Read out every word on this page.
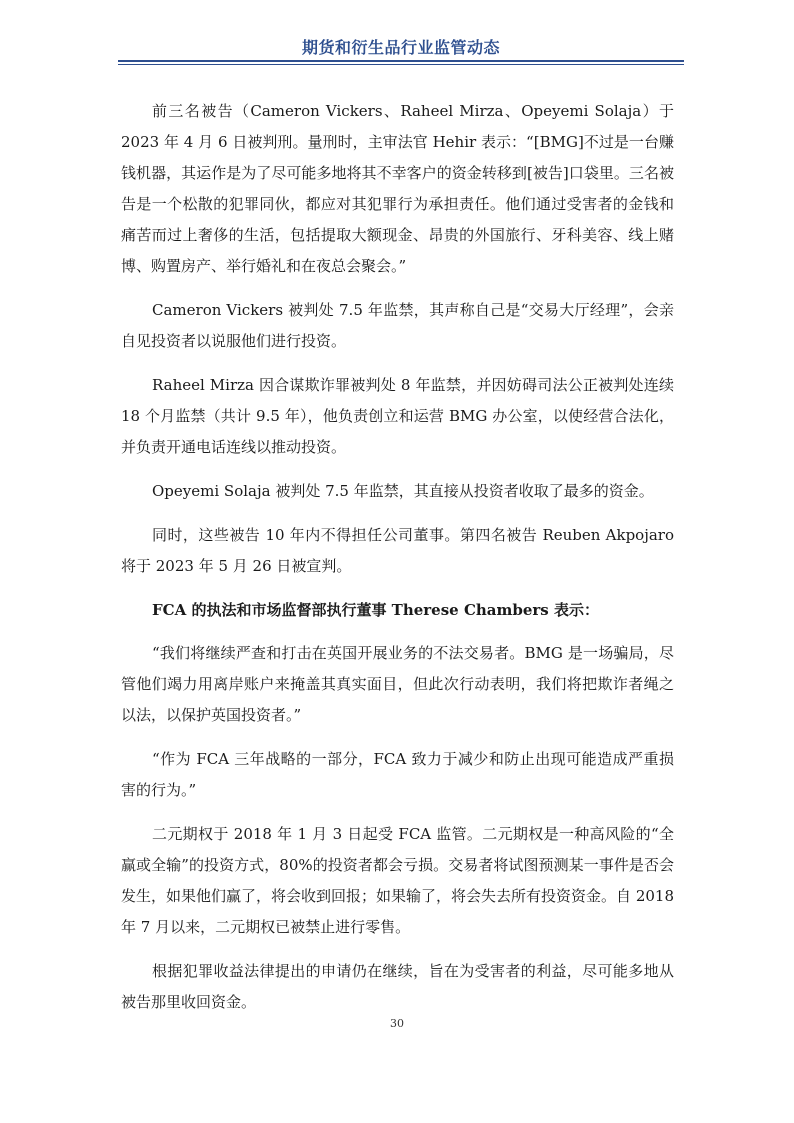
期货和衍生品行业监管动态

前三名被告（Cameron Vickers、Raheel Mirza、Opeyemi Solaja）于 2023 年 4 月 6 日被判刑。量刑时，主审法官 Hehir 表示：“[BMG]不过是一台赚钱机器，其运作是为了尽可能多地将其不幸客户的资金转移到[被告]口袋里。三名被告是一个松散的犯罪同伙，都应对其犯罪行为承担责任。他们通过受害者的金钱和痛苦而过上奢侈的生活，包括提取大额现金、昂贵的外国旅行、牙科美容、线上赌博、购置房产、举行婚礼和在夜总会聚会。”

Cameron Vickers 被判处 7.5 年监禁，其声称自己是“交易大厅经理”，会亲自见投资者以说服他们进行投资。

Raheel Mirza 因合谋欺诈罪被判处 8 年监禁，并因妨碍司法公正被判处连续 18 个月监禁（共计 9.5 年），他负责创立和运营 BMG 办公室，以使经营合法化，并负责开通电话连线以推动投资。

Opeyemi Solaja 被判处 7.5 年监禁，其直接从投资者收取了最多的资金。

同时，这些被告 10 年内不得担任公司董事。第四名被告 Reuben Akpojaro 将于 2023 年 5 月 26 日被宣判。

FCA 的执法和市场监督部执行董事 Therese Chambers 表示：

“我们将继续严查和打击在英国开展业务的不法交易者。BMG 是一场骗局，尽管他们竭力用离岸账户来掩盖其真实面目，但此次行动表明，我们将把欺诈者绳之以法，以保护英国投资者。”

“作为 FCA 三年战略的一部分，FCA 致力于减少和防止出现可能造成严重损害的行为。”

二元期权于 2018 年 1 月 3 日起受 FCA 监管。二元期权是一种高风险的“全赢或全输”的投资方式，80%的投资者都会亏损。交易者将试图预测某一事件是否会发生，如果他们赢了，将会收到回报；如果输了，将会失去所有投资资金。自 2018 年 7 月以来，二元期权已被禁止进行零售。

根据犯罪收益法律提出的申请仍在继续，旨在为受害者的利益，尽可能多地从被告那里收回资金。

30
